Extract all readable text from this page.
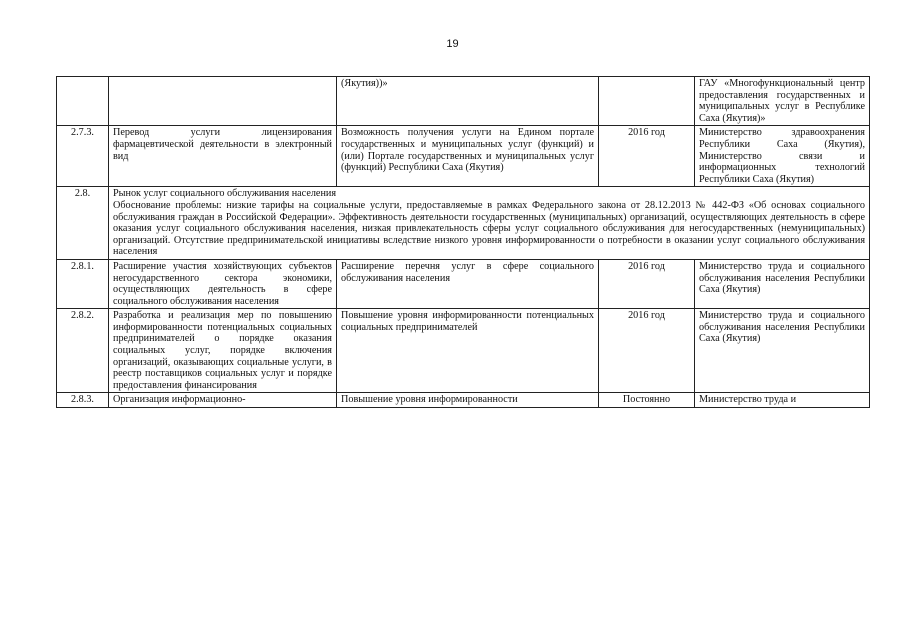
19
		(Якутия))»		ГАУ «Многофункциональный центр предоставления государственных и муниципальных услуг в Республике Саха (Якутия)»
2.7.3.	Перевод услуги лицензирования фармацевтической деятельности в электронный вид	Возможность получения услуги на Едином портале государственных и муниципальных услуг (функций) и (или) Портале государственных и муниципальных услуг (функций) Республики Саха (Якутия)	2016 год	Министерство здравоохранения Республики Саха (Якутия), Министерство связи и информационных технологий Республики Саха (Якутия)
2.8.	Рынок услуг социального обслуживания населения
Обоснование проблемы: низкие тарифы на социальные услуги, предоставляемые в рамках Федерального закона от 28.12.2013 № 442-ФЗ «Об основах социального обслуживания граждан в Российской Федерации». Эффективность деятельности государственных (муниципальных) организаций, осуществляющих деятельность в сфере оказания услуг социального обслуживания населения, низкая привлекательность сферы услуг социального обслуживания для негосударственных (немуниципальных) организаций. Отсутствие предпринимательской инициативы вследствие низкого уровня информированности о потребности в оказании услуг социального обслуживания населения			

2.8.1.	Расширение участия хозяйствующих субъектов негосударственного сектора экономики, осуществляющих деятельность в сфере социального обслуживания населения	Расширение перечня услуг в сфере социального обслуживания населения	2016 год	Министерство труда и социального обслуживания населения Республики Саха (Якутия)
2.8.2.	Разработка и реализация мер по повышению информированности потенциальных социальных предпринимателей о порядке оказания социальных услуг, порядке включения организаций, оказывающих социальные услуги, в реестр поставщиков социальных услуг и порядке предоставления финансирования	Повышение уровня информированности потенциальных социальных предпринимателей	2016 год	Министерство труда и социального обслуживания населения Республики Саха (Якутия)
2.8.3.	Организация информационно-	Повышение уровня информированности	Постоянно	Министерство труда и
